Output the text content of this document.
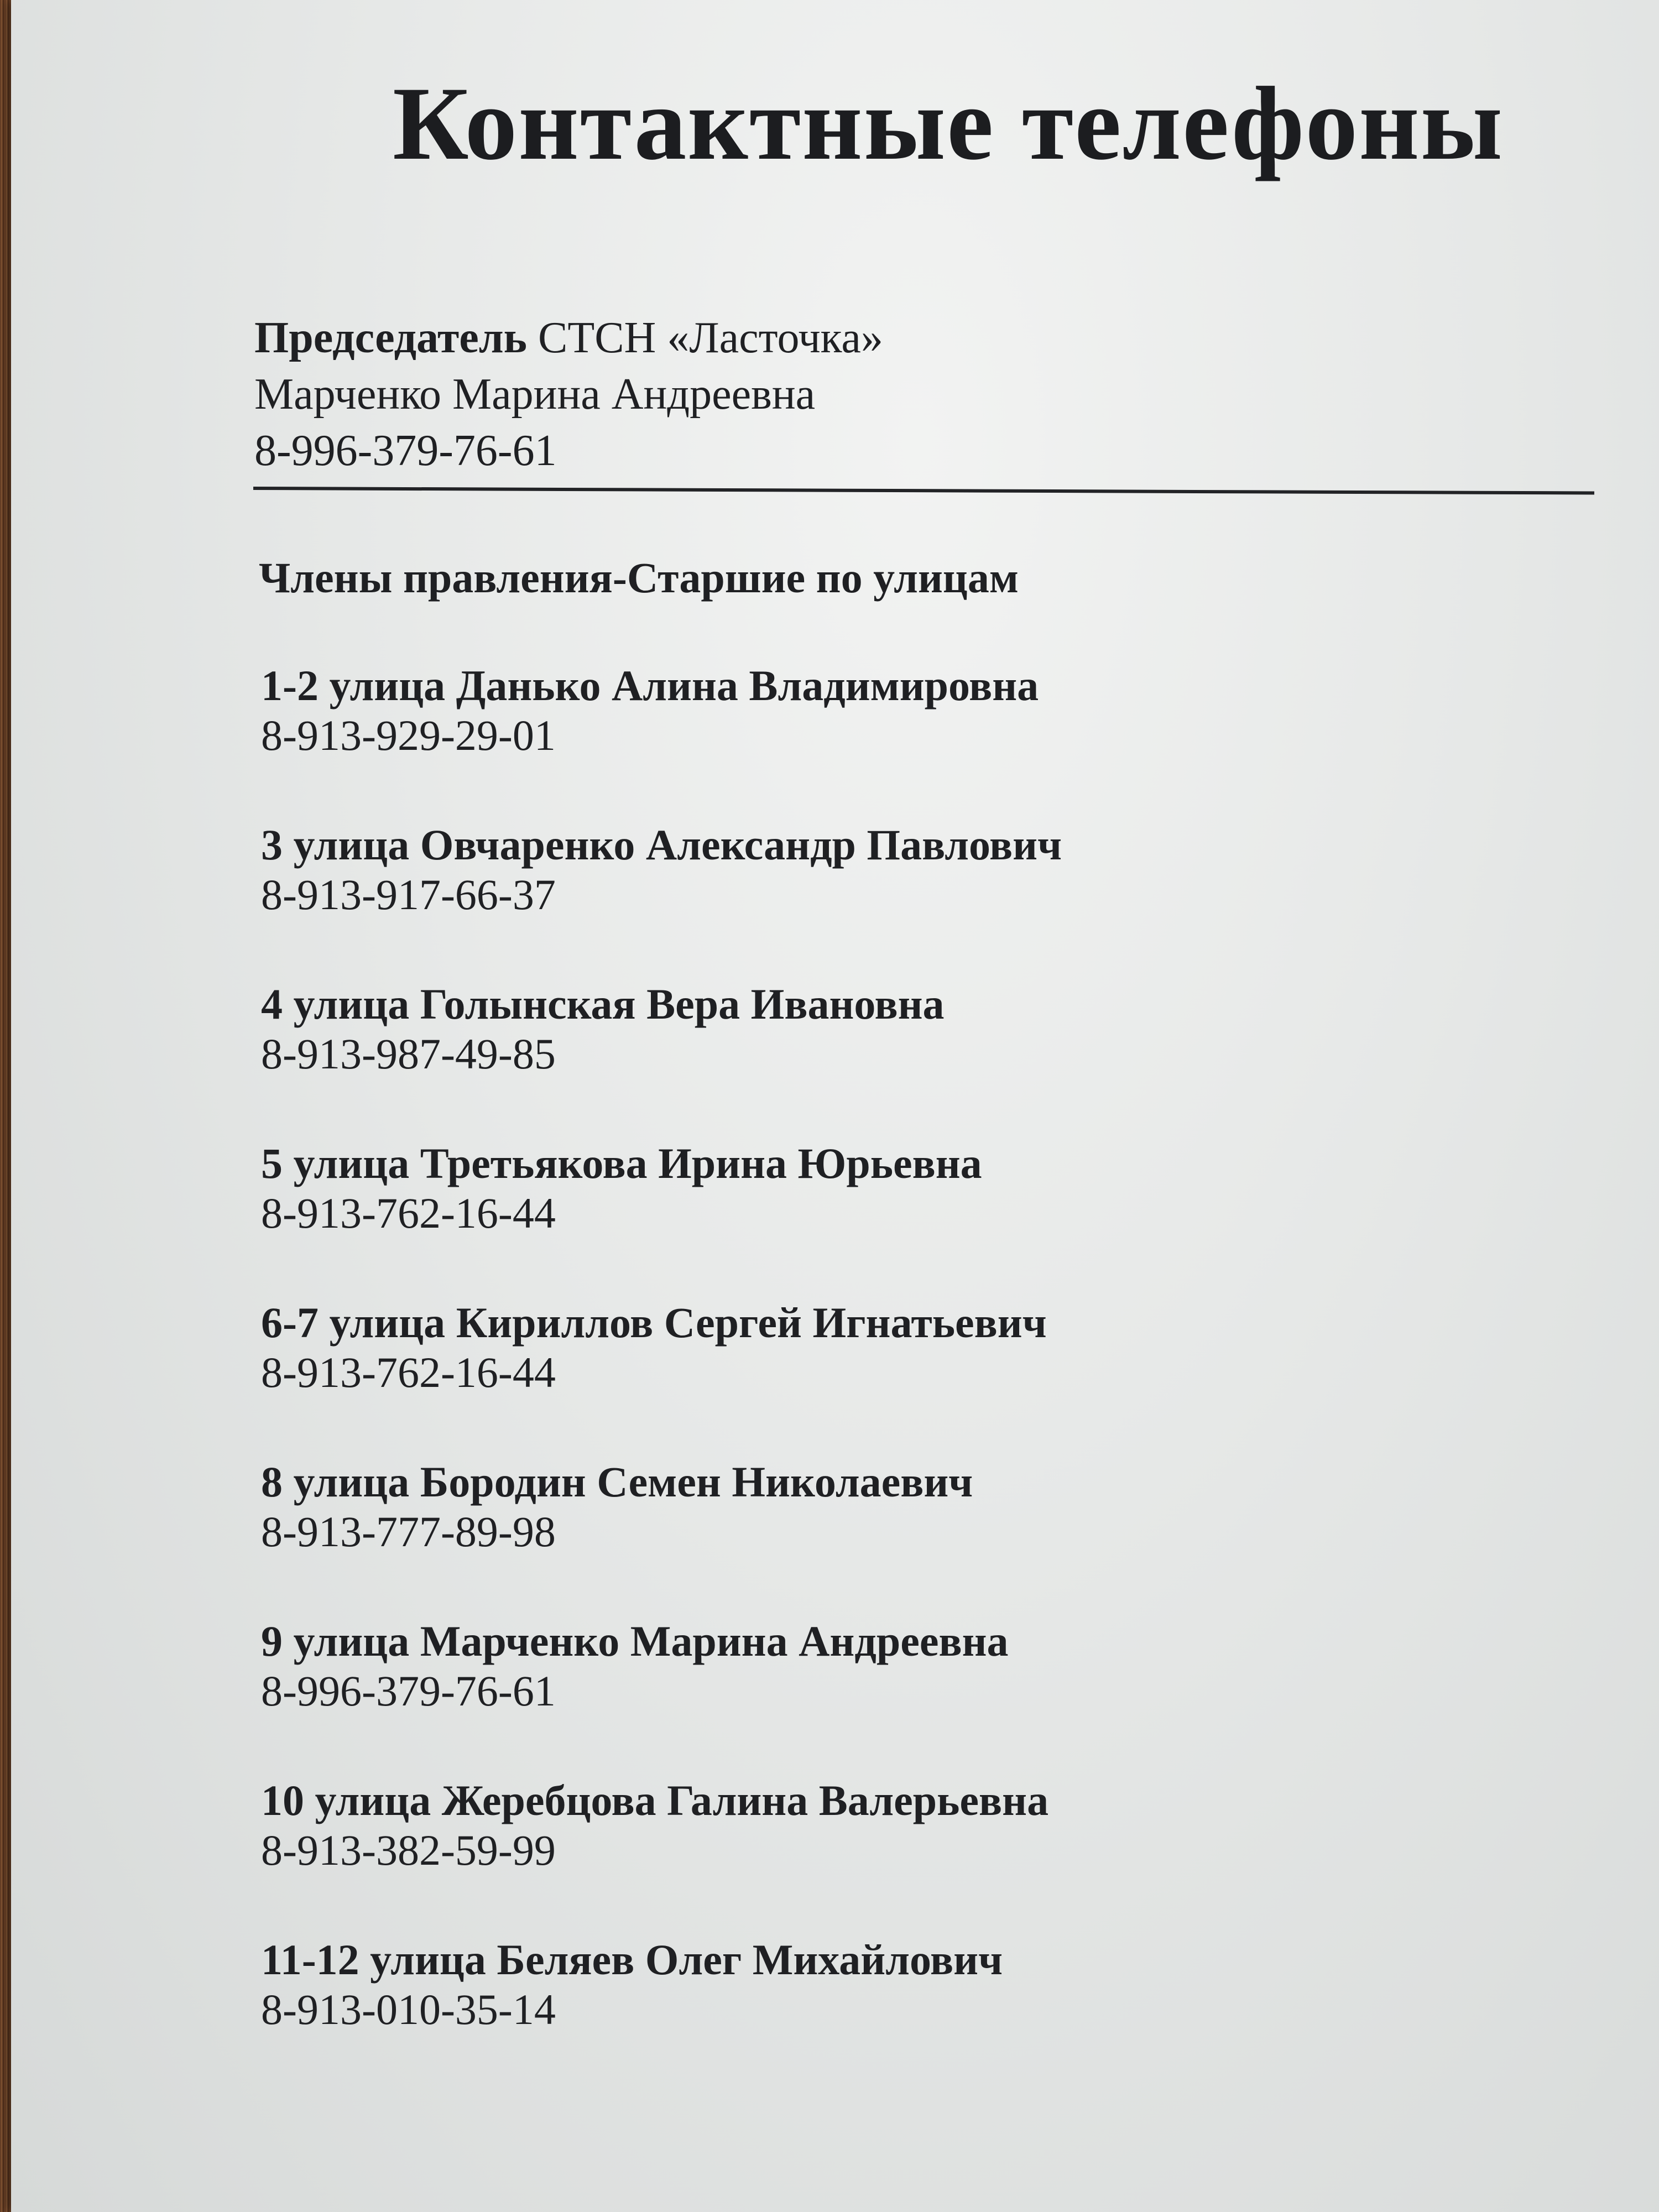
Контактные телефоны
Председатель СТСН «Ласточка»
Марченко Марина Андреевна
8-996-379-76-61
Члены правления-Старшие по улицам
1-2 улица Данько Алина Владимировна
8-913-929-29-01
3 улица Овчаренко Александр Павлович
8-913-917-66-37
4 улица Голынская Вера Ивановна
8-913-987-49-85
5 улица Третьякова Ирина Юрьевна
8-913-762-16-44
6-7 улица Кириллов Сергей Игнатьевич
8-913-762-16-44
8 улица Бородин Семен Николаевич
8-913-777-89-98
9 улица Марченко Марина Андреевна
8-996-379-76-61
10 улица Жеребцова Галина Валерьевна
8-913-382-59-99
11-12 улица Беляев Олег Михайлович
8-913-010-35-14
